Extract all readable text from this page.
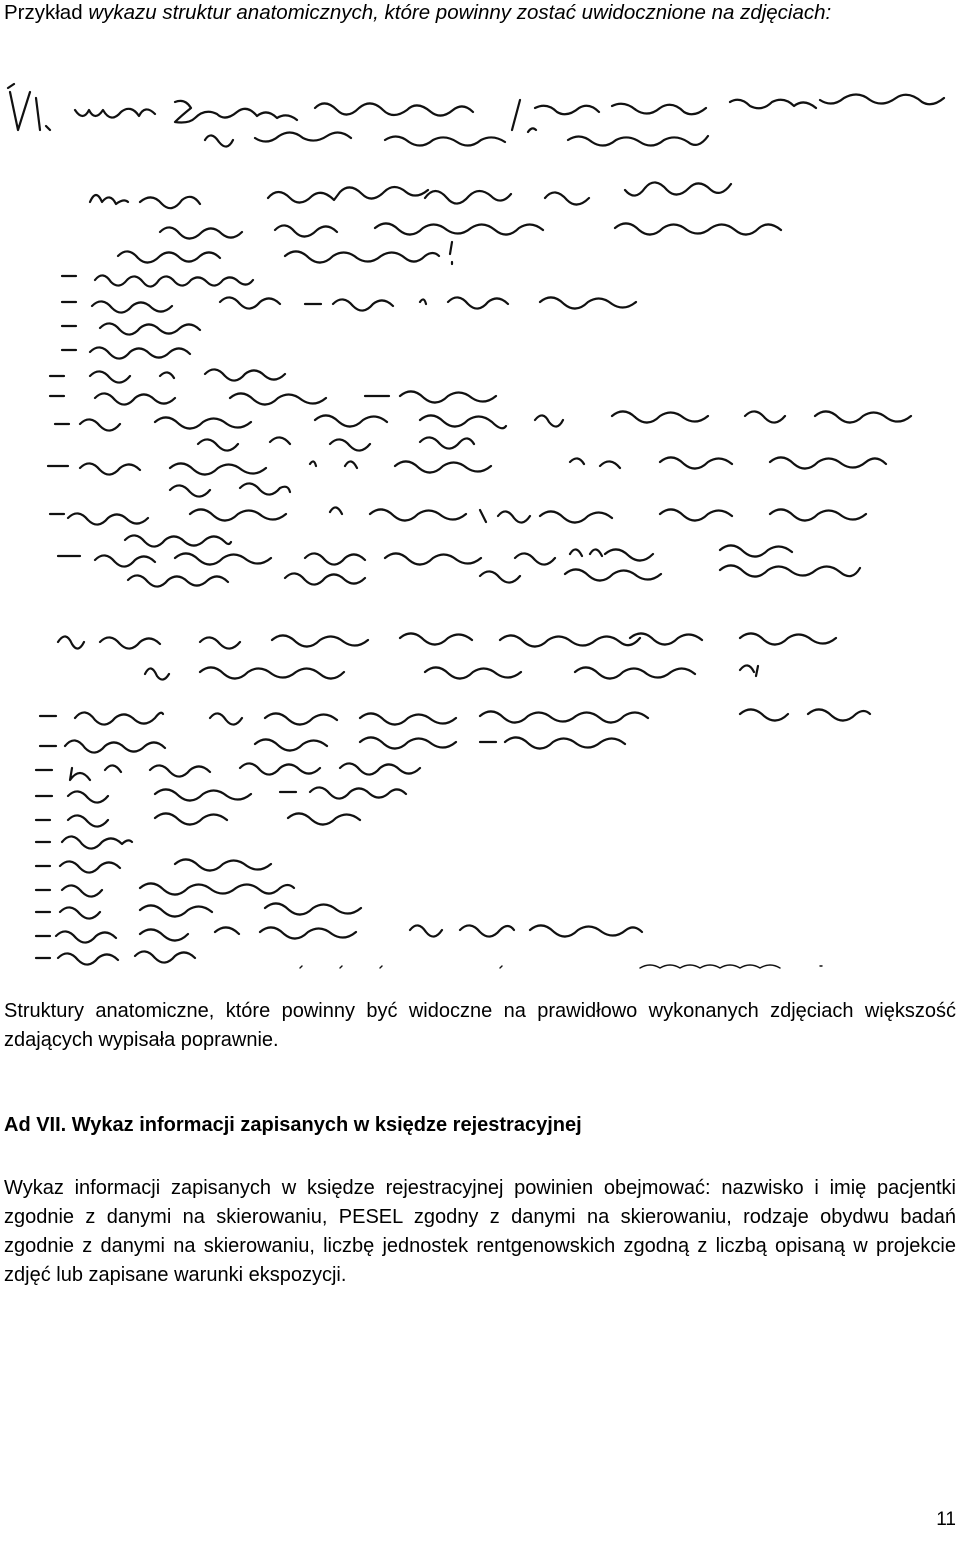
Przykład wykazu struktur anatomicznych, które powinny zostać uwidocznione na zdjęciach:

Struktury anatomiczne, które powinny być widoczne na prawidłowo wykonanych zdjęciach większość zdających wypisała poprawnie.

Ad VII. Wykaz informacji zapisanych w księdze rejestracyjnej

Wykaz informacji zapisanych w księdze rejestracyjnej powinien obejmować: nazwisko i imię pacjentki zgodnie z danymi na skierowaniu, PESEL zgodny z danymi na skierowaniu, rodzaje obydwu badań zgodnie z danymi na skierowaniu, liczbę jednostek rentgenowskich zgodną z liczbą opisaną w projekcie zdjęć lub zapisane warunki ekspozycji.

11
